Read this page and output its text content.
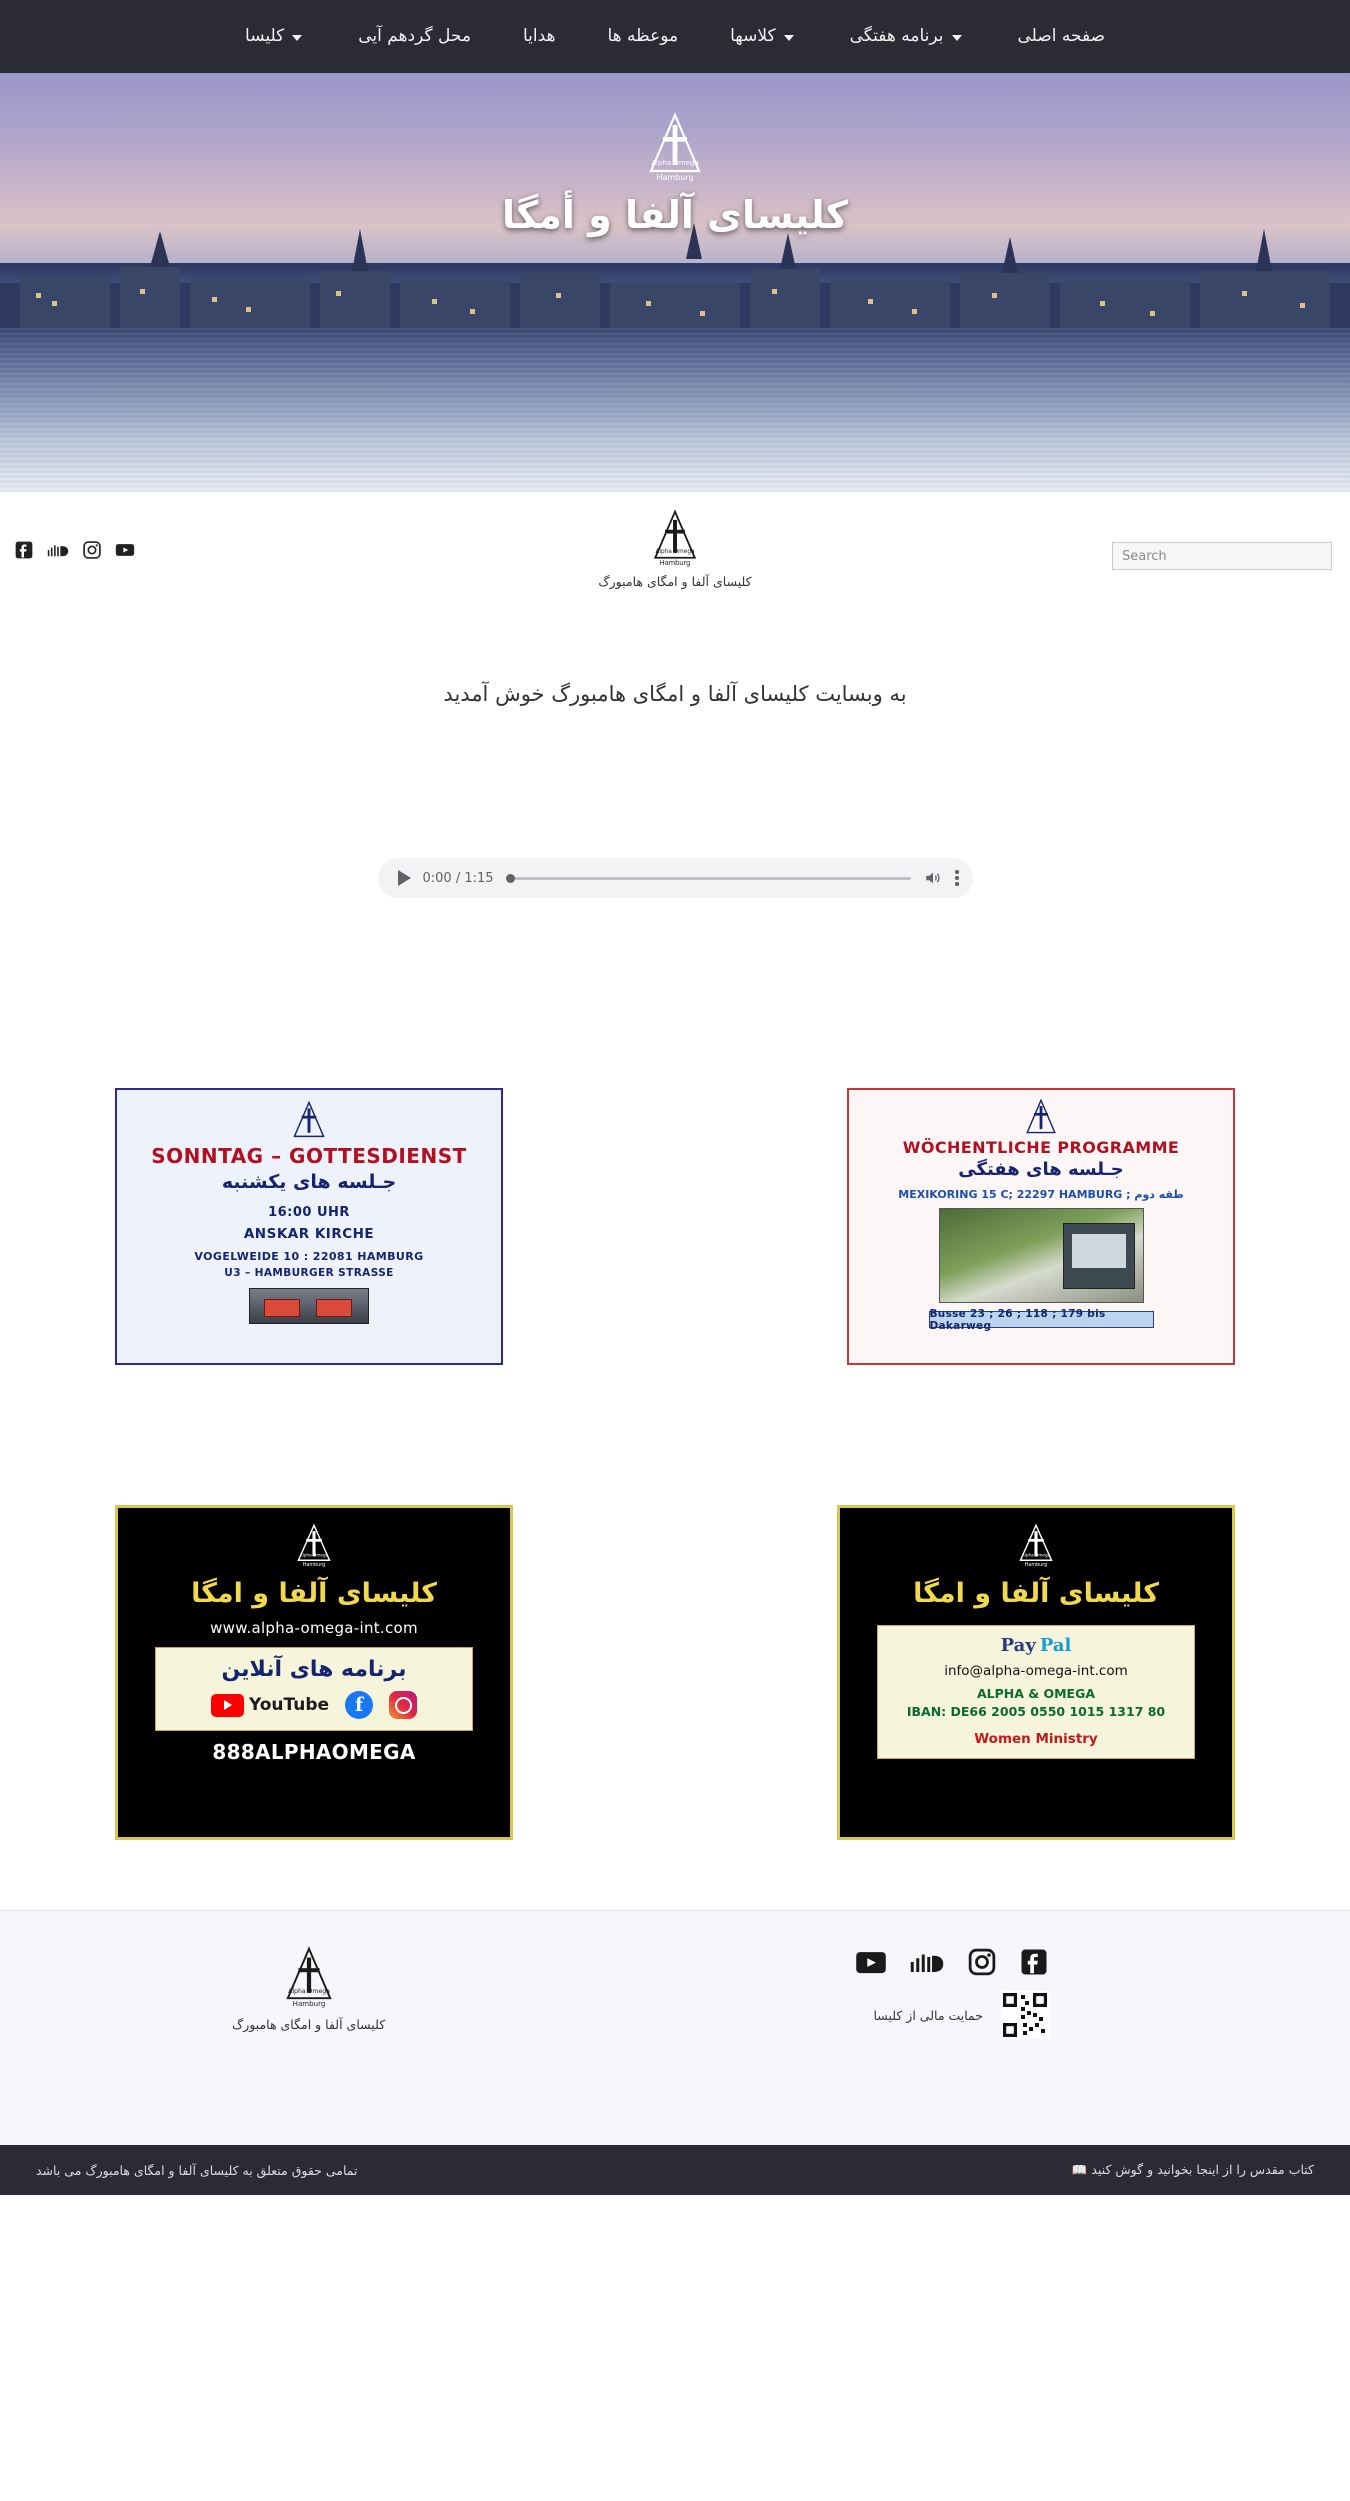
صفحه اصلی
برنامه هفتگی
کلاسها
موعظه ها
هدایا
محل گردهم آیی
کلیسا
Alpha Omega
Hamburg
کلیسای آلفا و أمگا
Alpha Omega
Hamburg
کلیسای آلفا و امگای هامبورگ
Search
به وبسایت کلیسای آلفا و امگای هامبورگ خوش آمدید
0:00 / 1:15
SONNTAG – GOTTESDIENST
جـلسه های یکشنبه
16:00 UHR
ANSKAR KIRCHE
VOGELWEIDE 10 : 22081 HAMBURG
U3 – HAMBURGER STRASSE
WÖCHENTLICHE PROGRAMME
جـلسه های هفتگی
MEXIKORING 15 C; 22297 HAMBURG ; طقه دوم
Busse 23 ; 26 ; 118 ; 179 bis Dakarweg
Alpha Omega
Hamburg
کلیسای آلفا و امگا
www.alpha-omega-int.com
برنامه های آنلاین
YouTube	f
888ALPHAOMEGA
Alpha Omega
Hamburg
کلیسای آلفا و امگا
Pay Pal
info@alpha-omega-int.com
ALPHA & OMEGA
IBAN: DE66 2005 0550 1015 1317 80
Women Ministry
Alpha Omega
Hamburg
کلیسای آلفا و امگای هامبورگ
حمایت مالی از کلیسا
کتاب مقدس را از اینجا بخوانید و گوش کنید 📖
تمامی حقوق متعلق به کلیسای آلفا و امگای هامبورگ می باشد
